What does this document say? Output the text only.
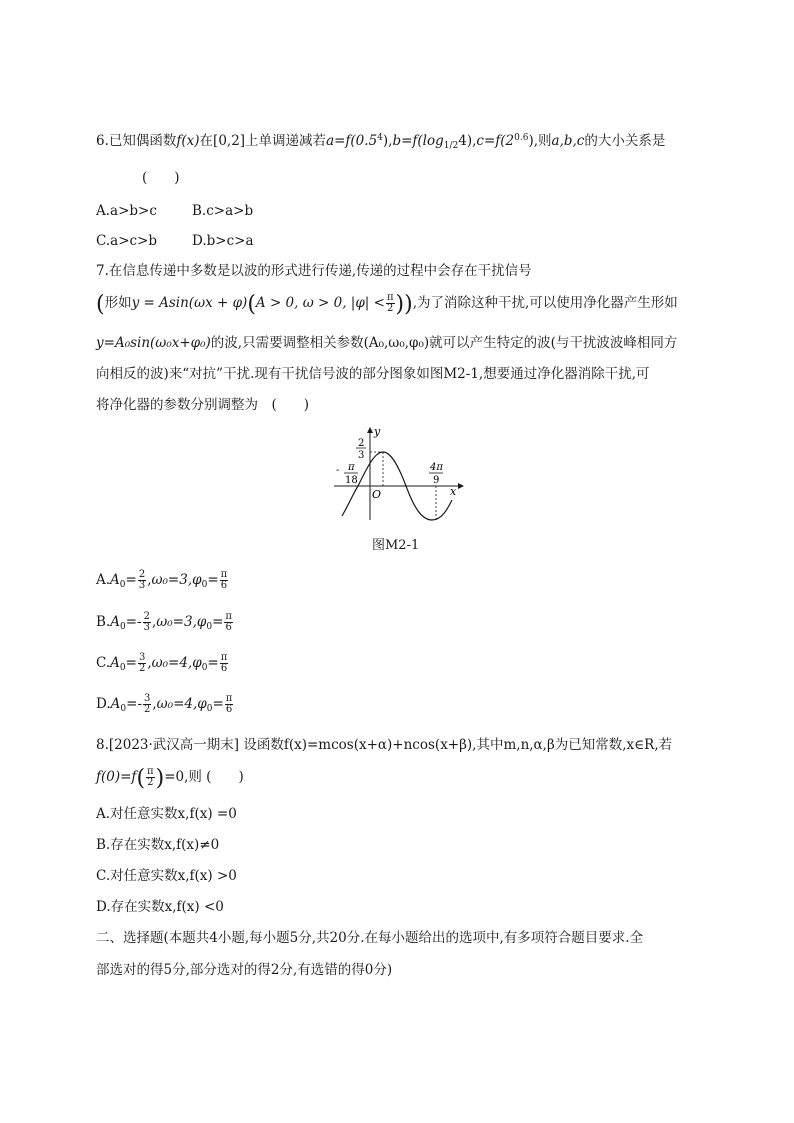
6.已知偶函数f(x)在[0,2]上单调递减若$a=f(0.5^4),b=f(\log_{1/2}4),c=f(2^{0.6})$,则a,b,c的大小关系是
(　　)
A.a>b>c	B.c>a>b
C.a>c>b	D.b>c>a
7.在信息传递中多数是以波的形式进行传递,传递的过程中会存在干扰信号
(形如y = Asin(ωx + φ)(A > 0, ω > 0, $|\varphi| < \frac{\pi}{2}$ )),为了消除这种干扰,可以使用净化器产生形如
y=A₀sin(ω₀x+φ₀)的波,只需要调整相关参数(A₀,ω₀,φ₀)就可以产生特定的波(与干扰波波峰相同方
向相反的波)来“对抗”干扰.现有干扰信号波的部分图象如图M2-1,想要通过净化器消除干扰,可
将净化器的参数分别调整为　(　　)
y
x
O
2
3
- π
18
4π
9
图M2-1
$A.A_0= \frac{2}{3} ,\omega_0=3,\varphi_0= \frac{\pi}{6}$
$B.A_0=- \frac{2}{3} ,\omega_0=3,\varphi_0= \frac{\pi}{6}$
$C.A_0= \frac{3}{2} ,\omega_0=4,\varphi_0= \frac{\pi}{6}$
$D.A_0=- \frac{3}{2} ,\omega_0=4,\varphi_0= \frac{\pi}{6}$
8.[2023·武汉高一期末] 设函数f(x)=mcos(x+α)+ncos(x+β),其中m,n,α,β为已知常数,x∈R,若
$f(0)=f( \frac{\pi}{2} )=0$,则 (　　)
A.对任意实数x,f(x) =0
B.存在实数x,f(x)≠0
C.对任意实数x,f(x) >0
D.存在实数x,f(x) <0
二、选择题(本题共4小题,每小题5分,共20分.在每小题给出的选项中,有多项符合题目要求.全
部选对的得5分,部分选对的得2分,有选错的得0分)
